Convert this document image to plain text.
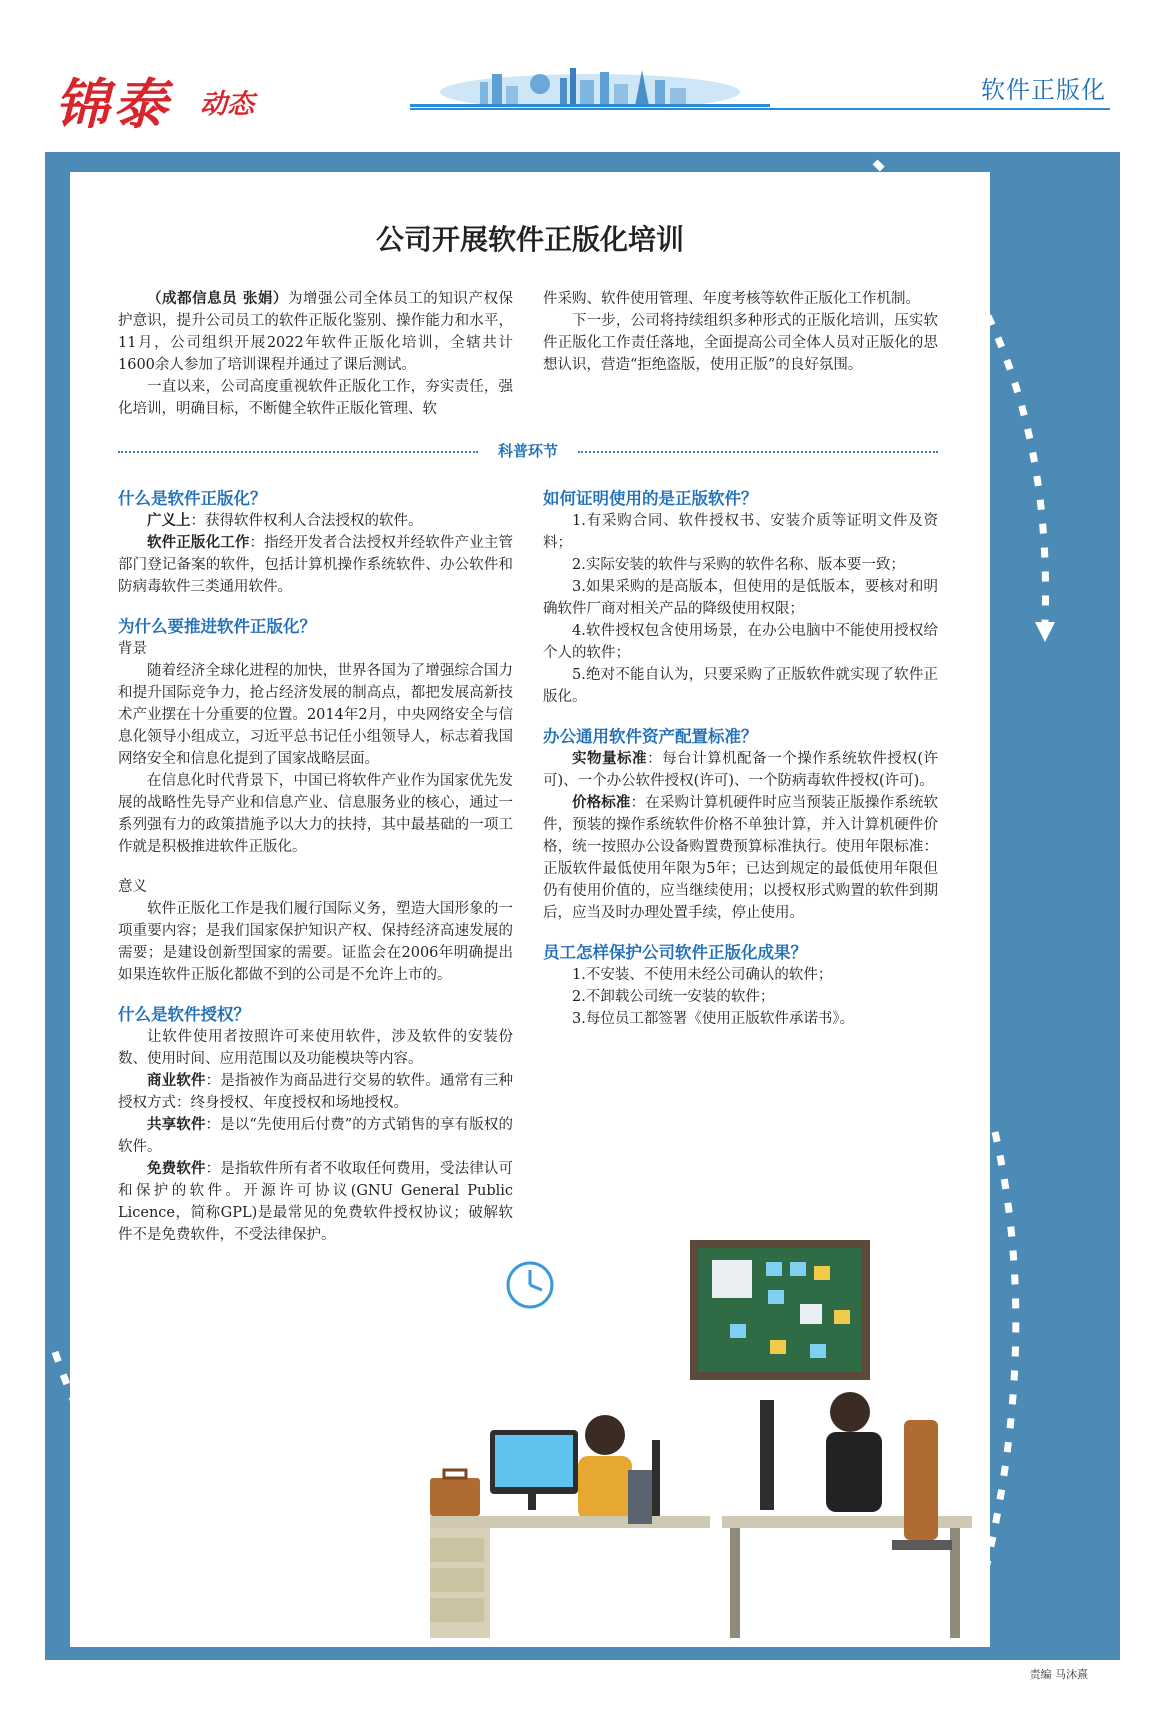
锦泰 动态	软件正版化
公司开展软件正版化培训

（成都信息员 张娟）为增强公司全体员工的知识产权保护意识，提升公司员工的软件正版化鉴别、操作能力和水平，11月，公司组织开展2022年软件正版化培训，全辖共计1600余人参加了培训课程并通过了课后测试。

一直以来，公司高度重视软件正版化工作，夯实责任，强化培训，明确目标，不断健全软件正版化管理、软

件采购、软件使用管理、年度考核等软件正版化工作机制。

下一步，公司将持续组织多种形式的正版化培训，压实软件正版化工作责任落地，全面提高公司全体人员对正版化的思想认识，营造“拒绝盗版，使用正版”的良好氛围。

科普环节

什么是软件正版化？

广义上：获得软件权利人合法授权的软件。

软件正版化工作：指经开发者合法授权并经软件产业主管部门登记备案的软件，包括计算机操作系统软件、办公软件和防病毒软件三类通用软件。

为什么要推进软件正版化？

背景

随着经济全球化进程的加快，世界各国为了增强综合国力和提升国际竞争力，抢占经济发展的制高点，都把发展高新技术产业摆在十分重要的位置。2014年2月，中央网络安全与信息化领导小组成立，习近平总书记任小组领导人，标志着我国网络安全和信息化提到了国家战略层面。

在信息化时代背景下，中国已将软件产业作为国家优先发展的战略性先导产业和信息产业、信息服务业的核心，通过一系列强有力的政策措施予以大力的扶持，其中最基础的一项工作就是积极推进软件正版化。

意义

软件正版化工作是我们履行国际义务，塑造大国形象的一项重要内容；是我们国家保护知识产权、保持经济高速发展的需要；是建设创新型国家的需要。证监会在2006年明确提出如果连软件正版化都做不到的公司是不允许上市的。

什么是软件授权？

让软件使用者按照许可来使用软件，涉及软件的安装份数、使用时间、应用范围以及功能模块等内容。

商业软件：是指被作为商品进行交易的软件。通常有三种授权方式：终身授权、年度授权和场地授权。

共享软件：是以“先使用后付费”的方式销售的享有版权的软件。

免费软件：是指软件所有者不收取任何费用，受法律认可和保护的软件。开源许可协议(GNU General Public Licence，简称GPL)是最常见的免费软件授权协议；破解软件不是免费软件，不受法律保护。

如何证明使用的是正版软件？

1.有采购合同、软件授权书、安装介质等证明文件及资料；

2.实际安装的软件与采购的软件名称、版本要一致；

3.如果采购的是高版本，但使用的是低版本，要核对和明确软件厂商对相关产品的降级使用权限；

4.软件授权包含使用场景，在办公电脑中不能使用授权给个人的软件；

5.绝对不能自认为，只要采购了正版软件就实现了软件正版化。

办公通用软件资产配置标准？

实物量标准：每台计算机配备一个操作系统软件授权(许可)、一个办公软件授权(许可)、一个防病毒软件授权(许可)。

价格标准：在采购计算机硬件时应当预装正版操作系统软件，预装的操作系统软件价格不单独计算，并入计算机硬件价格，统一按照办公设备购置费预算标准执行。使用年限标准：正版软件最低使用年限为5年；已达到规定的最低使用年限但仍有使用价值的，应当继续使用；以授权形式购置的软件到期后，应当及时办理处置手续，停止使用。

员工怎样保护公司软件正版化成果？

1.不安装、不使用未经公司确认的软件；

2.不卸载公司统一安装的软件；

3.每位员工都签署《使用正版软件承诺书》。

责编 马沐熹
